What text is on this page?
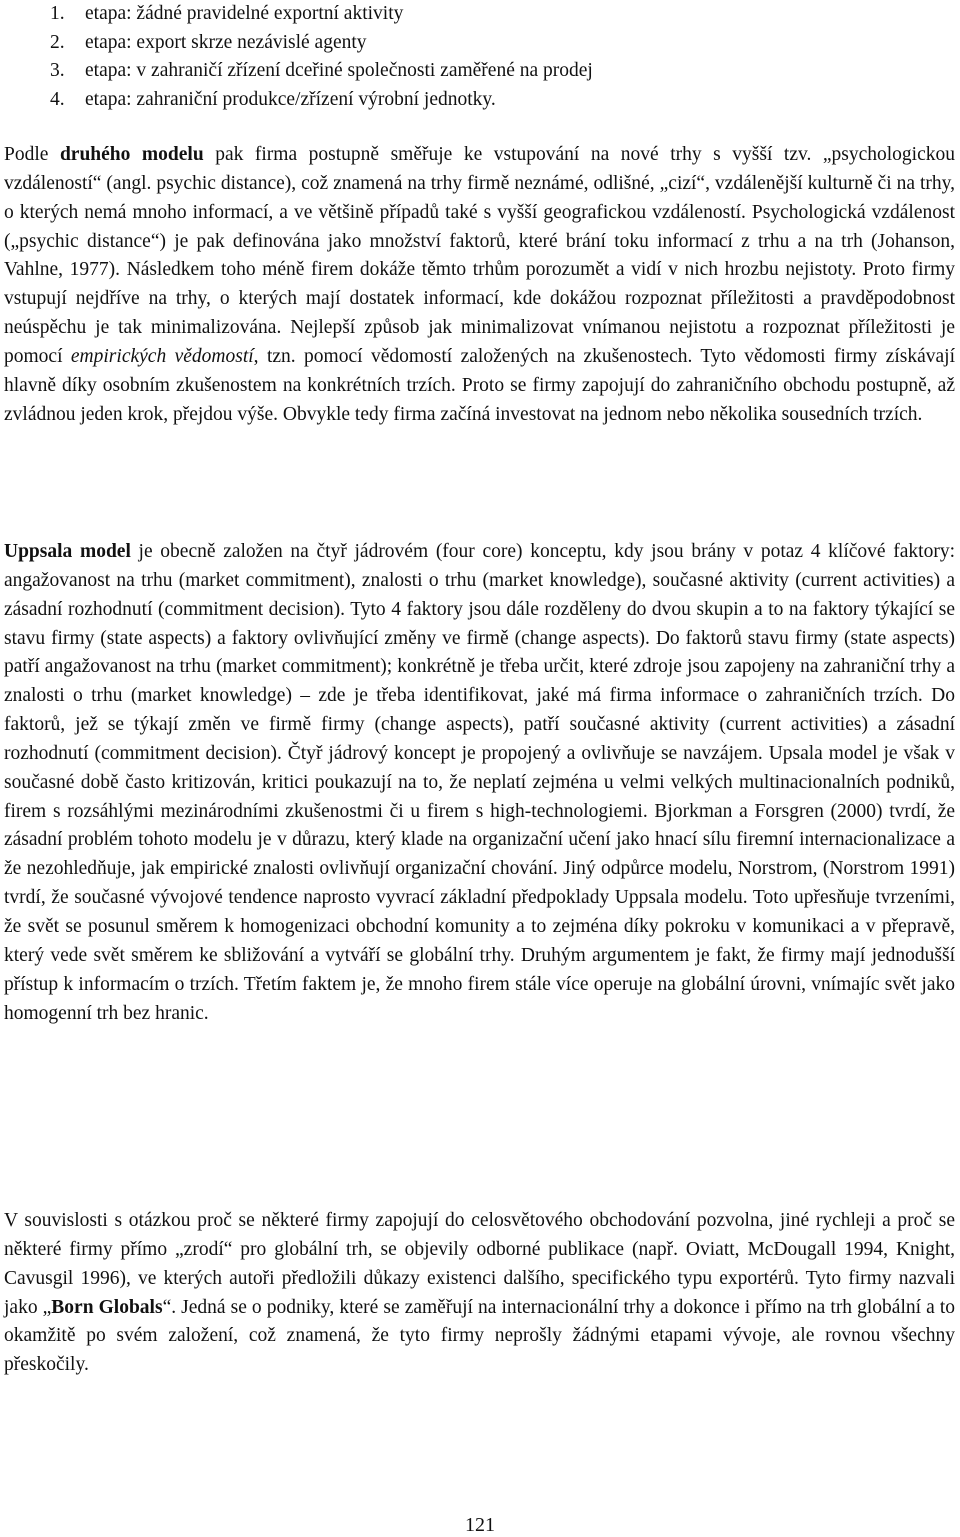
1. etapa: žádné pravidelné exportní aktivity
2. etapa: export skrze nezávislé agenty
3. etapa: v zahraničí zřízení dceřiné společnosti zaměřené na prodej
4. etapa: zahraniční produkce/zřízení výrobní jednotky.

Podle druhého modelu pak firma postupně směřuje ke vstupování na nové trhy s vyšší tzv. „psychologickou vzdáleností“ (angl. psychic distance), což znamená na trhy firmě neznámé, odlišné, „cizí“, vzdálenější kulturně či na trhy, o kterých nemá mnoho informací, a ve většině případů také s vyšší geografickou vzdáleností. Psychologická vzdálenost („psychic distance“) je pak definována jako množství faktorů, které brání toku informací z trhu a na trh (Johanson, Vahlne, 1977). Následkem toho méně firem dokáže těmto trhům porozumět a vidí v nich hrozbu nejistoty. Proto firmy vstupují nejdříve na trhy, o kterých mají dostatek informací, kde dokážou rozpoznat příležitosti a pravděpodobnost neúspěchu je tak minimalizována. Nejlepší způsob jak minimalizovat vnímanou nejistotu a rozpoznat příležitosti je pomocí empirických vědomostí, tzn. pomocí vědomostí založených na zkušenostech. Tyto vědomosti firmy získávají hlavně díky osobním zkušenostem na konkrétních trzích. Proto se firmy zapojují do zahraničního obchodu postupně, až zvládnou jeden krok, přejdou výše. Obvykle tedy firma začíná investovat na jednom nebo několika sousedních trzích.

Uppsala model je obecně založen na čtyř jádrovém (four core) konceptu, kdy jsou brány v potaz 4 klíčové faktory: angažovanost na trhu (market commitment), znalosti o trhu (market knowledge), současné aktivity (current activities) a zásadní rozhodnutí (commitment decision). Tyto 4 faktory jsou dále rozděleny do dvou skupin a to na faktory týkající se stavu firmy (state aspects) a faktory ovlivňující změny ve firmě (change aspects). Do faktorů stavu firmy (state aspects) patří angažovanost na trhu (market commitment); konkrétně je třeba určit, které zdroje jsou zapojeny na zahraniční trhy a znalosti o trhu (market knowledge) – zde je třeba identifikovat, jaké má firma informace o zahraničních trzích. Do faktorů, jež se týkají změn ve firmě firmy (change aspects), patří současné aktivity (current activities) a zásadní rozhodnutí (commitment decision). Čtyř jádrový koncept je propojený a ovlivňuje se navzájem. Upsala model je však v současné době často kritizován, kritici poukazují na to, že neplatí zejména u velmi velkých multinacionalních podniků, firem s rozsáhlými mezinárodními zkušenostmi či u firem s high-technologiemi. Bjorkman a Forsgren (2000) tvrdí, že zásadní problém tohoto modelu je v důrazu, který klade na organizační učení jako hnací sílu firemní internacionalizace a že nezohledňuje, jak empirické znalosti ovlivňují organizační chování. Jiný odpůrce modelu, Norstrom, (Norstrom 1991) tvrdí, že současné vývojové tendence naprosto vyvrací základní předpoklady Uppsala modelu. Toto upřesňuje tvrzeními, že svět se posunul směrem k homogenizaci obchodní komunity a to zejména díky pokroku v komunikaci a v přepravě, který vede svět směrem ke sbližování a vytváří se globální trhy. Druhým argumentem je fakt, že firmy mají jednodušší přístup k informacím o trzích. Třetím faktem je, že mnoho firem stále více operuje na globální úrovni, vnímajíc svět jako homogenní trh bez hranic.

V souvislosti s otázkou proč se některé firmy zapojují do celosvětového obchodování pozvolna, jiné rychleji a proč se některé firmy přímo „zrodí“ pro globální trh, se objevily odborné publikace (např. Oviatt, McDougall 1994, Knight, Cavusgil 1996), ve kterých autoři předložili důkazy existenci dalšího, specifického typu exportérů. Tyto firmy nazvali jako „Born Globals“. Jedná se o podniky, které se zaměřují na internacionální trhy a dokonce i přímo na trh globální a to okamžitě po svém založení, což znamená, že tyto firmy neprošly žádnými etapami vývoje, ale rovnou všechny přeskočily.

121
